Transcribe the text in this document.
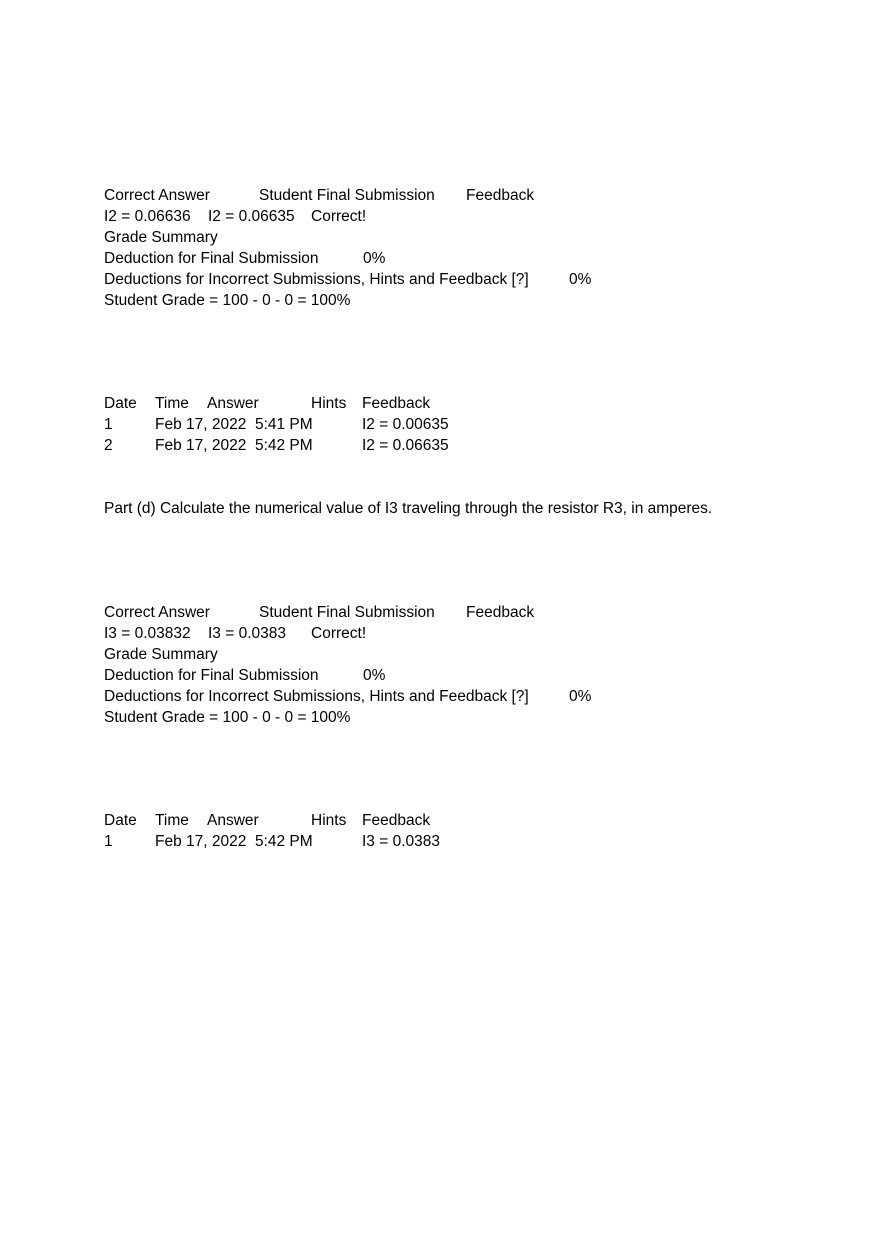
Correct Answer	Student Final Submission Feedback
I2 = 0.06636 I2 = 0.06635 Correct!
Grade Summary
Deduction for Final Submission	0%
Deductions for Incorrect Submissions, Hints and Feedback [?]	0%
Student Grade = 100 - 0 - 0 = 100%
Date Time Answer	Hints Feedback
1	Feb 17, 2022  5:41 PM	I2 = 0.00635
2	Feb 17, 2022  5:42 PM	I2 = 0.06635
Part (d) Calculate the numerical value of I3 traveling through the resistor R3, in amperes.
Correct Answer	Student Final Submission Feedback
I3 = 0.03832 I3 = 0.0383 Correct!
Grade Summary
Deduction for Final Submission	0%
Deductions for Incorrect Submissions, Hints and Feedback [?]	0%
Student Grade = 100 - 0 - 0 = 100%
Date Time Answer	Hints Feedback
1	Feb 17, 2022  5:42 PM	I3 = 0.0383
